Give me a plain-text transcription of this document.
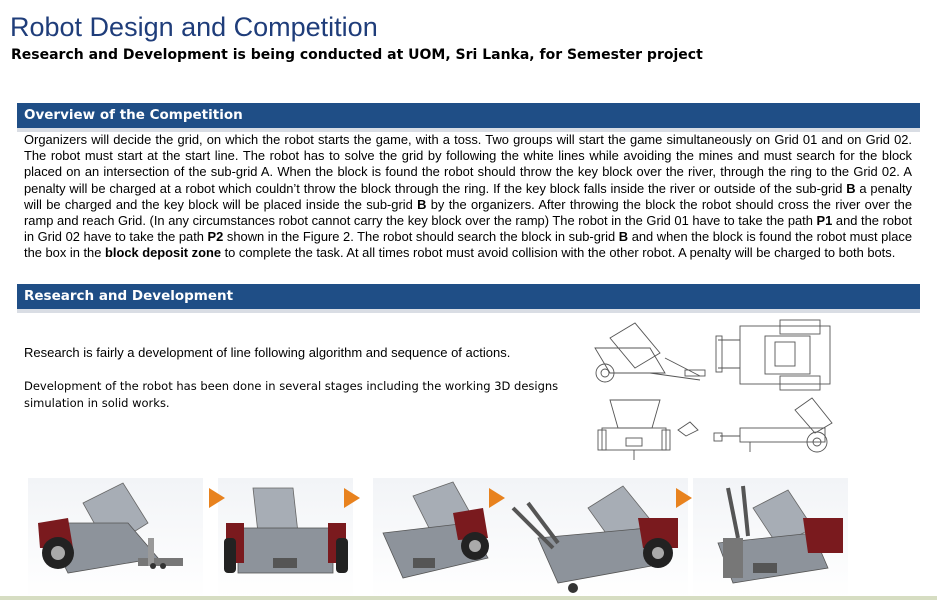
Robot Design and Competition
Research and Development is being conducted at UOM, Sri Lanka, for Semester project
Overview of the Competition
Organizers will decide the grid, on which the robot starts the game, with a toss. Two groups will start the game simultaneously on Grid 01 and on Grid 02. The robot must start at the start line. The robot has to solve the grid by following the white lines while avoiding the mines and must search for the block placed on an intersection of the sub-grid A. When the block is found the robot should throw the key block over the river, through the ring to the Grid 02. A penalty will be charged at a robot which couldn’t throw the block through the ring. If the key block falls inside the river or outside of the sub-grid B a penalty will be charged and the key block will be placed inside the sub-grid B by the organizers. After throwing the block the robot should cross the river over the ramp and reach Grid. (In any circumstances robot cannot carry the key block over the ramp) The robot in the Grid 01 have to take the path P1 and the robot in Grid 02 have to take the path P2 shown in the Figure 2. The robot should search the block in sub-grid B and when the block is found the robot must place the box in the block deposit zone to complete the task. At all times robot must avoid collision with the other robot. A penalty will be charged to both bots.
Research and Development
Research is fairly a development of line following algorithm and sequence of actions.
Development of the robot has been done in several stages including the working 3D designs simulation in solid works.
